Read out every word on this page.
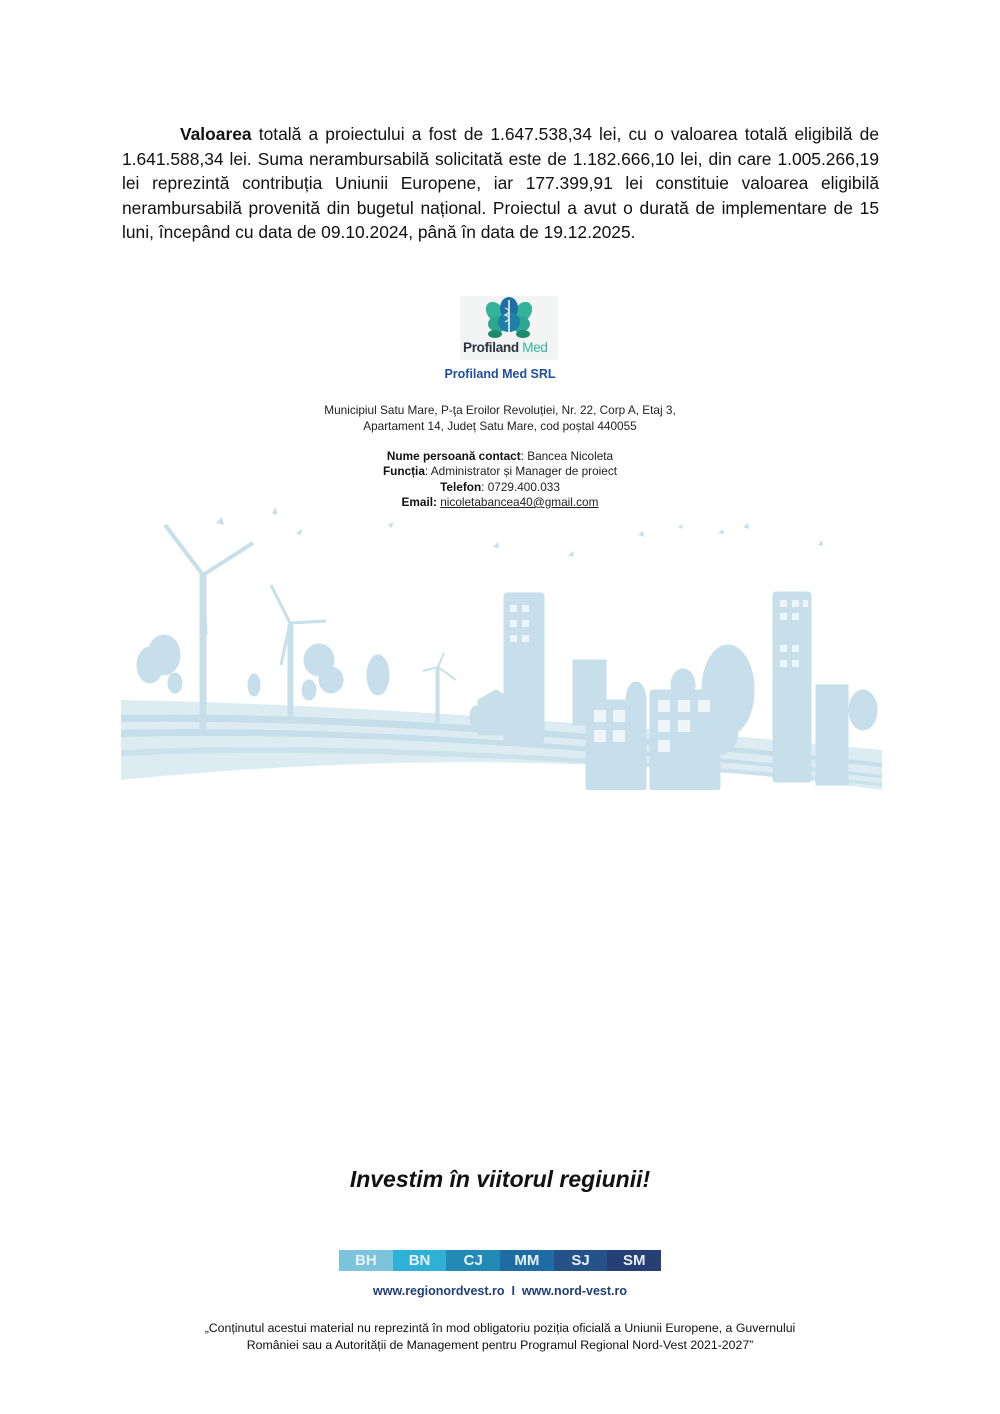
Valoarea totală a proiectului a fost de 1.647.538,34 lei, cu o valoarea totală eligibilă de 1.641.588,34 lei. Suma nerambursabilă solicitată este de 1.182.666,10 lei, din care 1.005.266,19 lei reprezintă contribuția Uniunii Europene, iar 177.399,91 lei constituie valoarea eligibilă nerambursabilă provenită din bugetul național. Proiectul a avut o durată de implementare de 15 luni, începând cu data de 09.10.2024, până în data de 19.12.2025.
Profiland Med
Profiland Med SRL
Municipiul Satu Mare, P-ţa Eroilor Revoluției, Nr. 22, Corp A, Etaj 3,
Apartament 14, Județ Satu Mare, cod poștal 440055
Nume persoană contact: Bancea Nicoleta
Funcția: Administrator și Manager de proiect
Telefon: 0729.400.033
Email: nicoletabancea40@gmail.com
Investim în viitorul regiunii!
BH	BN	CJ	MM	SJ	SM
www.regionordvest.ro  I  www.nord-vest.ro
„Conținutul acestui material nu reprezintă în mod obligatoriu poziția oficială a Uniunii Europene, a Guvernului
României sau a Autorității de Management pentru Programul Regional Nord-Vest 2021-2027”
